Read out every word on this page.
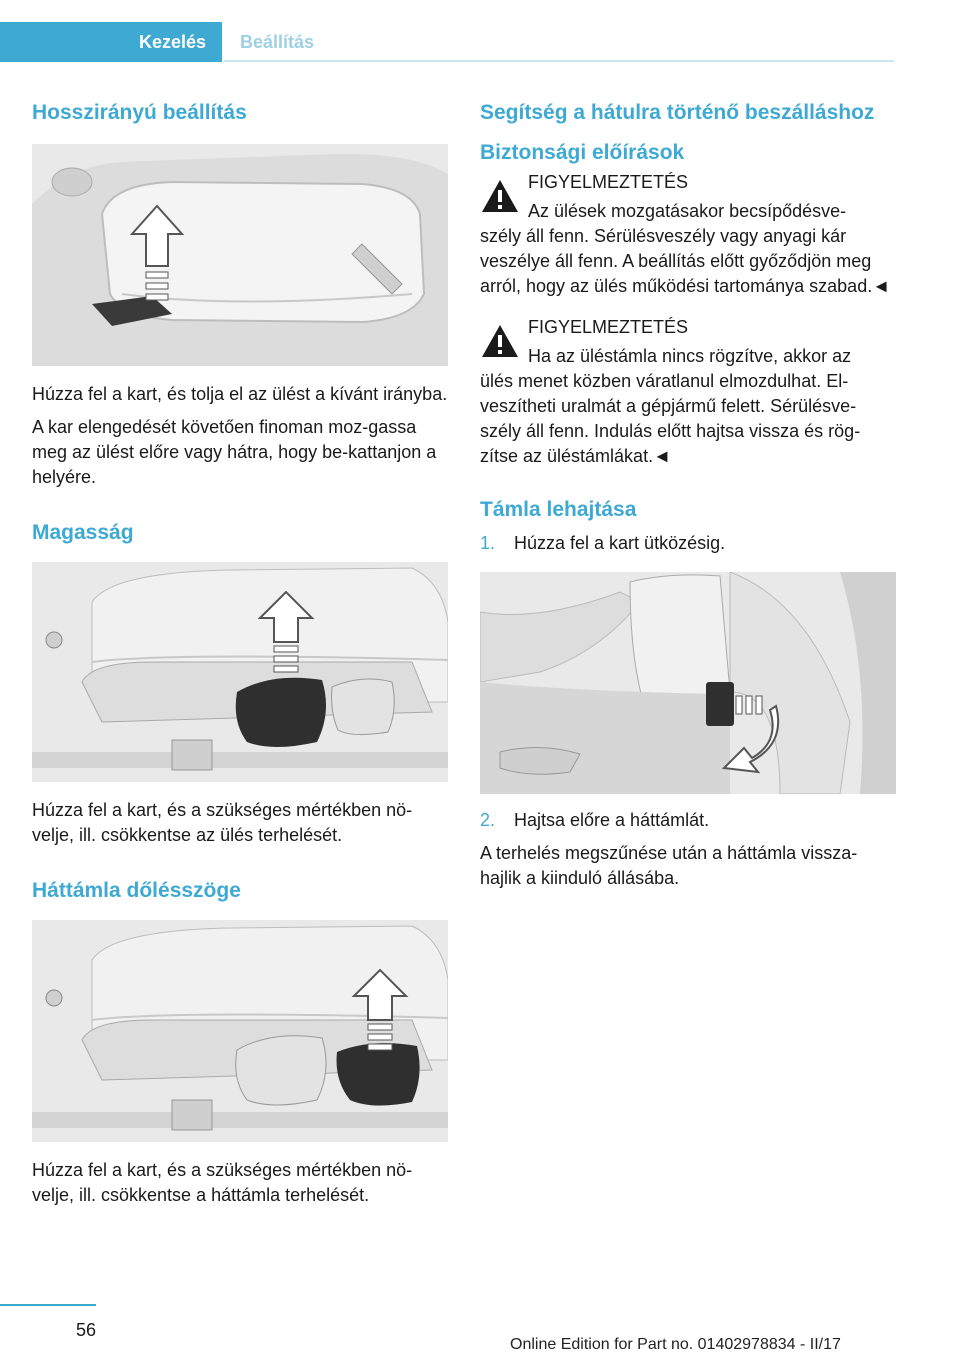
Kezelés	Beállítás
Hosszirányú beállítás

Húzza fel a kart, és tolja el az ülést a kívánt irányba.

A kar elengedését követően finoman moz-gassa meg az ülést előre vagy hátra, hogy be-kattanjon a helyére.

Magasság

Húzza fel a kart, és a szükséges mértékben nö-velje, ill. csökkentse az ülés terhelését.

Háttámla dőlésszöge

Húzza fel a kart, és a szükséges mértékben nö-velje, ill. csökkentse a háttámla terhelését.

Segítség a hátulra történő beszálláshoz
Biztonsági előírások
FIGYELMEZTETÉS
Az ülések mozgatásakor becsípődésve-

szély áll fenn. Sérülésveszély vagy anyagi kár veszélye áll fenn. A beállítás előtt győződjön meg arról, hogy az ülés működési tartománya szabad.◄

FIGYELMEZTETÉS
Ha az üléstámla nincs rögzítve, akkor az

ülés menet közben váratlanul elmozdulhat. El-veszítheti uralmát a gépjármű felett. Sérülésve-szély áll fenn. Indulás előtt hajtsa vissza és rög-zítse az üléstámlákat.◄

Támla lehajtása
1.	Húzza fel a kart ütközésig.
2.	Hajtsa előre a háttámlát.

A terhelés megszűnése után a háttámla vissza-hajlik a kiinduló állásába.

56
Online Edition for Part no. 01402978834 - II/17
